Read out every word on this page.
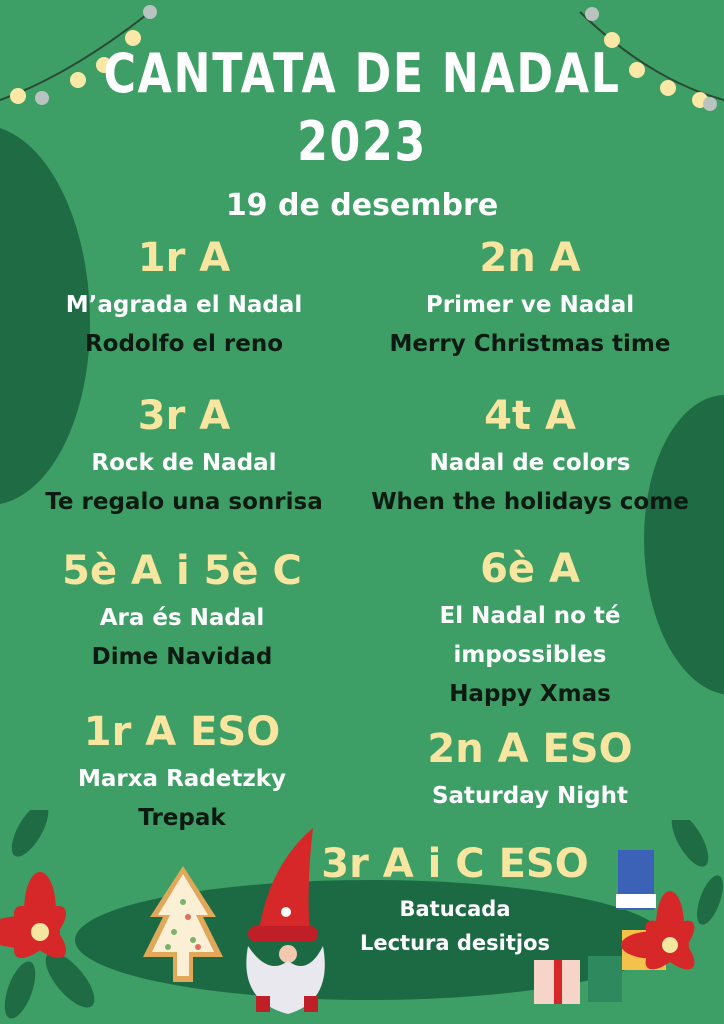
CANTATA DE NADAL
2023
19 de desembre
1r A
M’agrada el Nadal
Rodolfo el reno
2n A
Primer ve Nadal
Merry Christmas time
3r A
Rock de Nadal
Te regalo una sonrisa
4t A
Nadal de colors
When the holidays come
5è A i 5è C
Ara és Nadal
Dime Navidad
6è A
El Nadal no té
impossibles
Happy Xmas
1r A ESO
Marxa Radetzky
Trepak
2n A ESO
Saturday Night
3r A i C ESO
Batucada
Lectura desitjos
